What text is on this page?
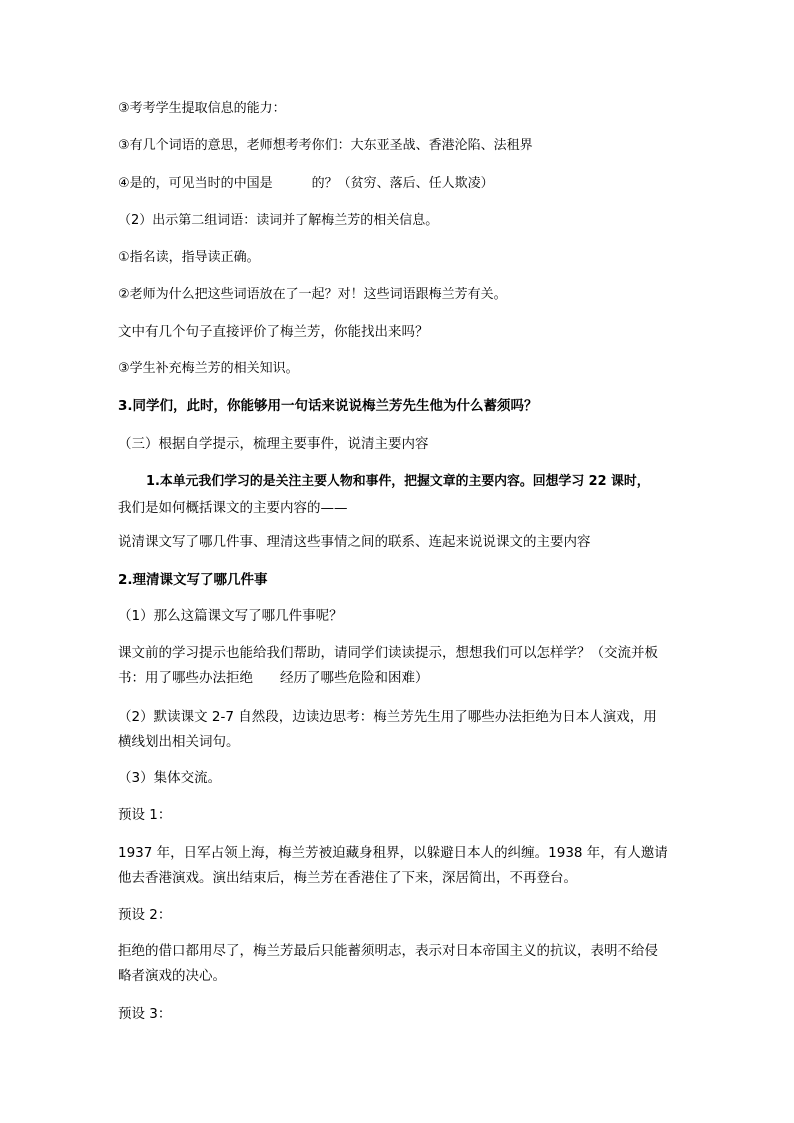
③考考学生提取信息的能力：

③有几个词语的意思，老师想考考你们：大东亚圣战、香港沦陷、法租界

④是的，可见当时的中国是　　　的？（贫穷、落后、任人欺凌）

（2）出示第二组词语：读词并了解梅兰芳的相关信息。

①指名读，指导读正确。

②老师为什么把这些词语放在了一起？对！这些词语跟梅兰芳有关。

文中有几个句子直接评价了梅兰芳，你能找出来吗？

③学生补充梅兰芳的相关知识。

3.同学们，此时，你能够用一句话来说说梅兰芳先生他为什么蓄须吗？

（三）根据自学提示，梳理主要事件，说清主要内容

1.本单元我们学习的是关注主要人物和事件，把握文章的主要内容。回想学习 22 课时，

我们是如何概括课文的主要内容的——

说清课文写了哪几件事、理清这些事情之间的联系、连起来说说课文的主要内容

2.理清课文写了哪几件事

（1）那么这篇课文写了哪几件事呢？

课文前的学习提示也能给我们帮助，请同学们读读提示，想想我们可以怎样学？（交流并板

书：用了哪些办法拒绝　　经历了哪些危险和困难）

（2）默读课文 2-7 自然段，边读边思考：梅兰芳先生用了哪些办法拒绝为日本人演戏，用

横线划出相关词句。

（3）集体交流。

预设 1：

1937 年，日军占领上海，梅兰芳被迫藏身租界，以躲避日本人的纠缠。1938 年，有人邀请

他去香港演戏。演出结束后，梅兰芳在香港住了下来，深居简出，不再登台。

预设 2：

拒绝的借口都用尽了，梅兰芳最后只能蓄须明志，表示对日本帝国主义的抗议，表明不给侵

略者演戏的决心。

预设 3：
